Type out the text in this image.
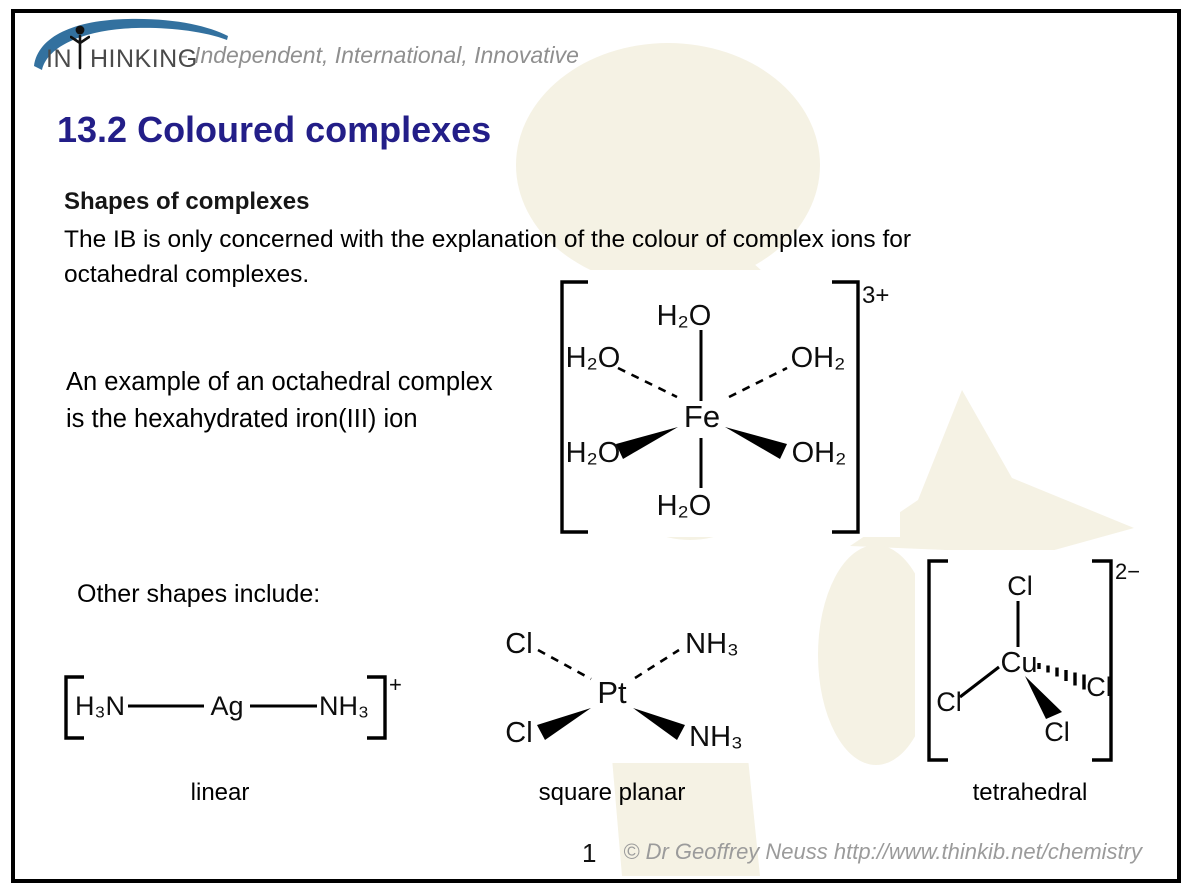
IN HINKING
- Independent, International, Innovative
13.2 Coloured complexes
Shapes of complexes
The IB is only concerned with the explanation of the colour of complex ions for
octahedral complexes.
An example of an octahedral complex
is the hexahydrated iron(III) ion
Other shapes include:
3+
H₂O
Fe
H₂O
H₂O	OH₂
H₂O	OH₂
H₃N	Ag	NH₃
+
Cl
Pt
NH₃
Cl	NH₃
2−
Cl
Cu
Cl	Cl
Cl
linear	square planar	tetrahedral
1 © Dr Geoffrey Neuss http://www.thinkib.net/chemistry
